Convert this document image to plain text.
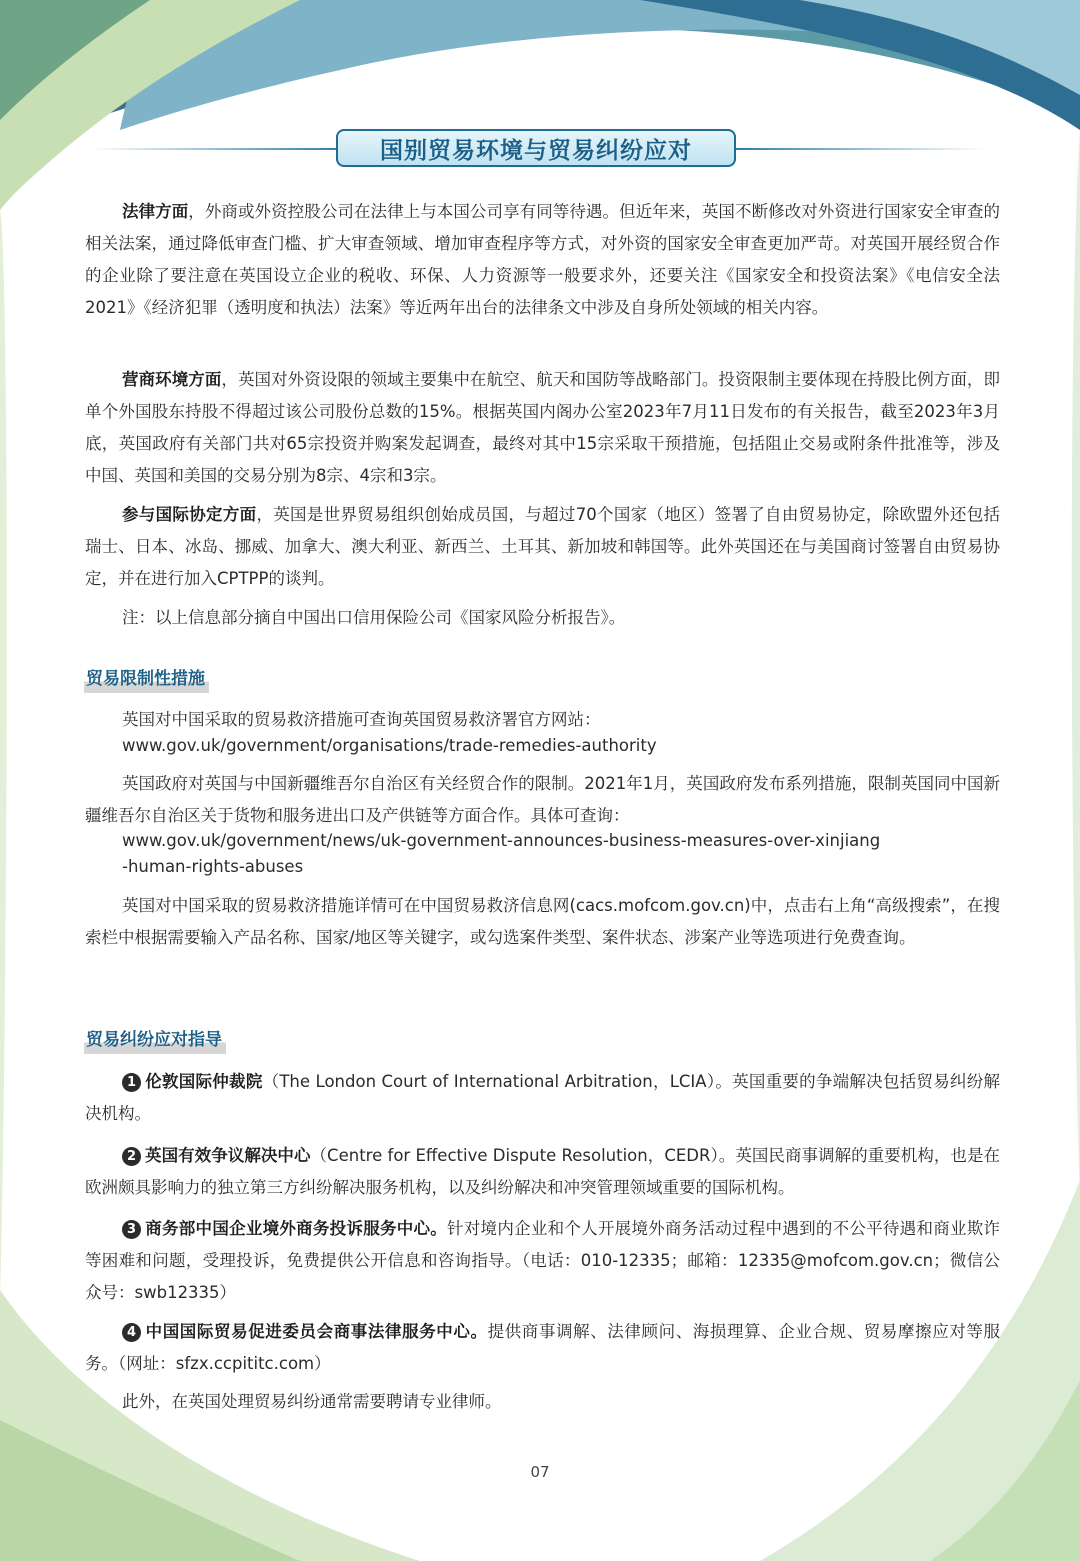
国别贸易环境与贸易纠纷应对

法律方面，外商或外资控股公司在法律上与本国公司享有同等待遇。但近年来，英国不断修改对外资进行国家安全审查的相关法案，通过降低审查门槛、扩大审查领域、增加审查程序等方式，对外资的国家安全审查更加严苛。对英国开展经贸合作的企业除了要注意在英国设立企业的税收、环保、人力资源等一般要求外，还要关注《国家安全和投资法案》《电信安全法2021》《经济犯罪（透明度和执法）法案》等近两年出台的法律条文中涉及自身所处领域的相关内容。

营商环境方面，英国对外资设限的领域主要集中在航空、航天和国防等战略部门。投资限制主要体现在持股比例方面，即单个外国股东持股不得超过该公司股份总数的15%。根据英国内阁办公室2023年7月11日发布的有关报告，截至2023年3月底，英国政府有关部门共对65宗投资并购案发起调查，最终对其中15宗采取干预措施，包括阻止交易或附条件批准等，涉及中国、英国和美国的交易分别为8宗、4宗和3宗。

参与国际协定方面，英国是世界贸易组织创始成员国，与超过70个国家（地区）签署了自由贸易协定，除欧盟外还包括瑞士、日本、冰岛、挪威、加拿大、澳大利亚、新西兰、土耳其、新加坡和韩国等。此外英国还在与美国商讨签署自由贸易协定，并在进行加入CPTPP的谈判。

注：以上信息部分摘自中国出口信用保险公司《国家风险分析报告》。

贸易限制性措施
英国对中国采取的贸易救济措施可查询英国贸易救济署官方网站：
www.gov.uk/government/organisations/trade-remedies-authority

英国政府对英国与中国新疆维吾尔自治区有关经贸合作的限制。2021年1月，英国政府发布系列措施，限制英国同中国新疆维吾尔自治区关于货物和服务进出口及产供链等方面合作。具体可查询：

www.gov.uk/government/news/uk-government-announces-business-measures-over-xinjiang
-human-rights-abuses

英国对中国采取的贸易救济措施详情可在中国贸易救济信息网(cacs.mofcom.gov.cn)中，点击右上角“高级搜索”，在搜索栏中根据需要输入产品名称、国家/地区等关键字，或勾选案件类型、案件状态、涉案产业等选项进行免费查询。

贸易纠纷应对指导

1 伦敦国际仲裁院（The London Court of International Arbitration，LCIA）。英国重要的争端解决包括贸易纠纷解决机构。

2 英国有效争议解决中心（Centre for Effective Dispute Resolution，CEDR）。英国民商事调解的重要机构，也是在欧洲颇具影响力的独立第三方纠纷解决服务机构，以及纠纷解决和冲突管理领域重要的国际机构。

3 商务部中国企业境外商务投诉服务中心。针对境内企业和个人开展境外商务活动过程中遇到的不公平待遇和商业欺诈等困难和问题，受理投诉，免费提供公开信息和咨询指导。（电话：010-12335；邮箱：12335@mofcom.gov.cn；微信公众号：swb12335）

4 中国国际贸易促进委员会商事法律服务中心。提供商事调解、法律顾问、海损理算、企业合规、贸易摩擦应对等服务。（网址：sfzx.ccpititc.com）

此外，在英国处理贸易纠纷通常需要聘请专业律师。

07
